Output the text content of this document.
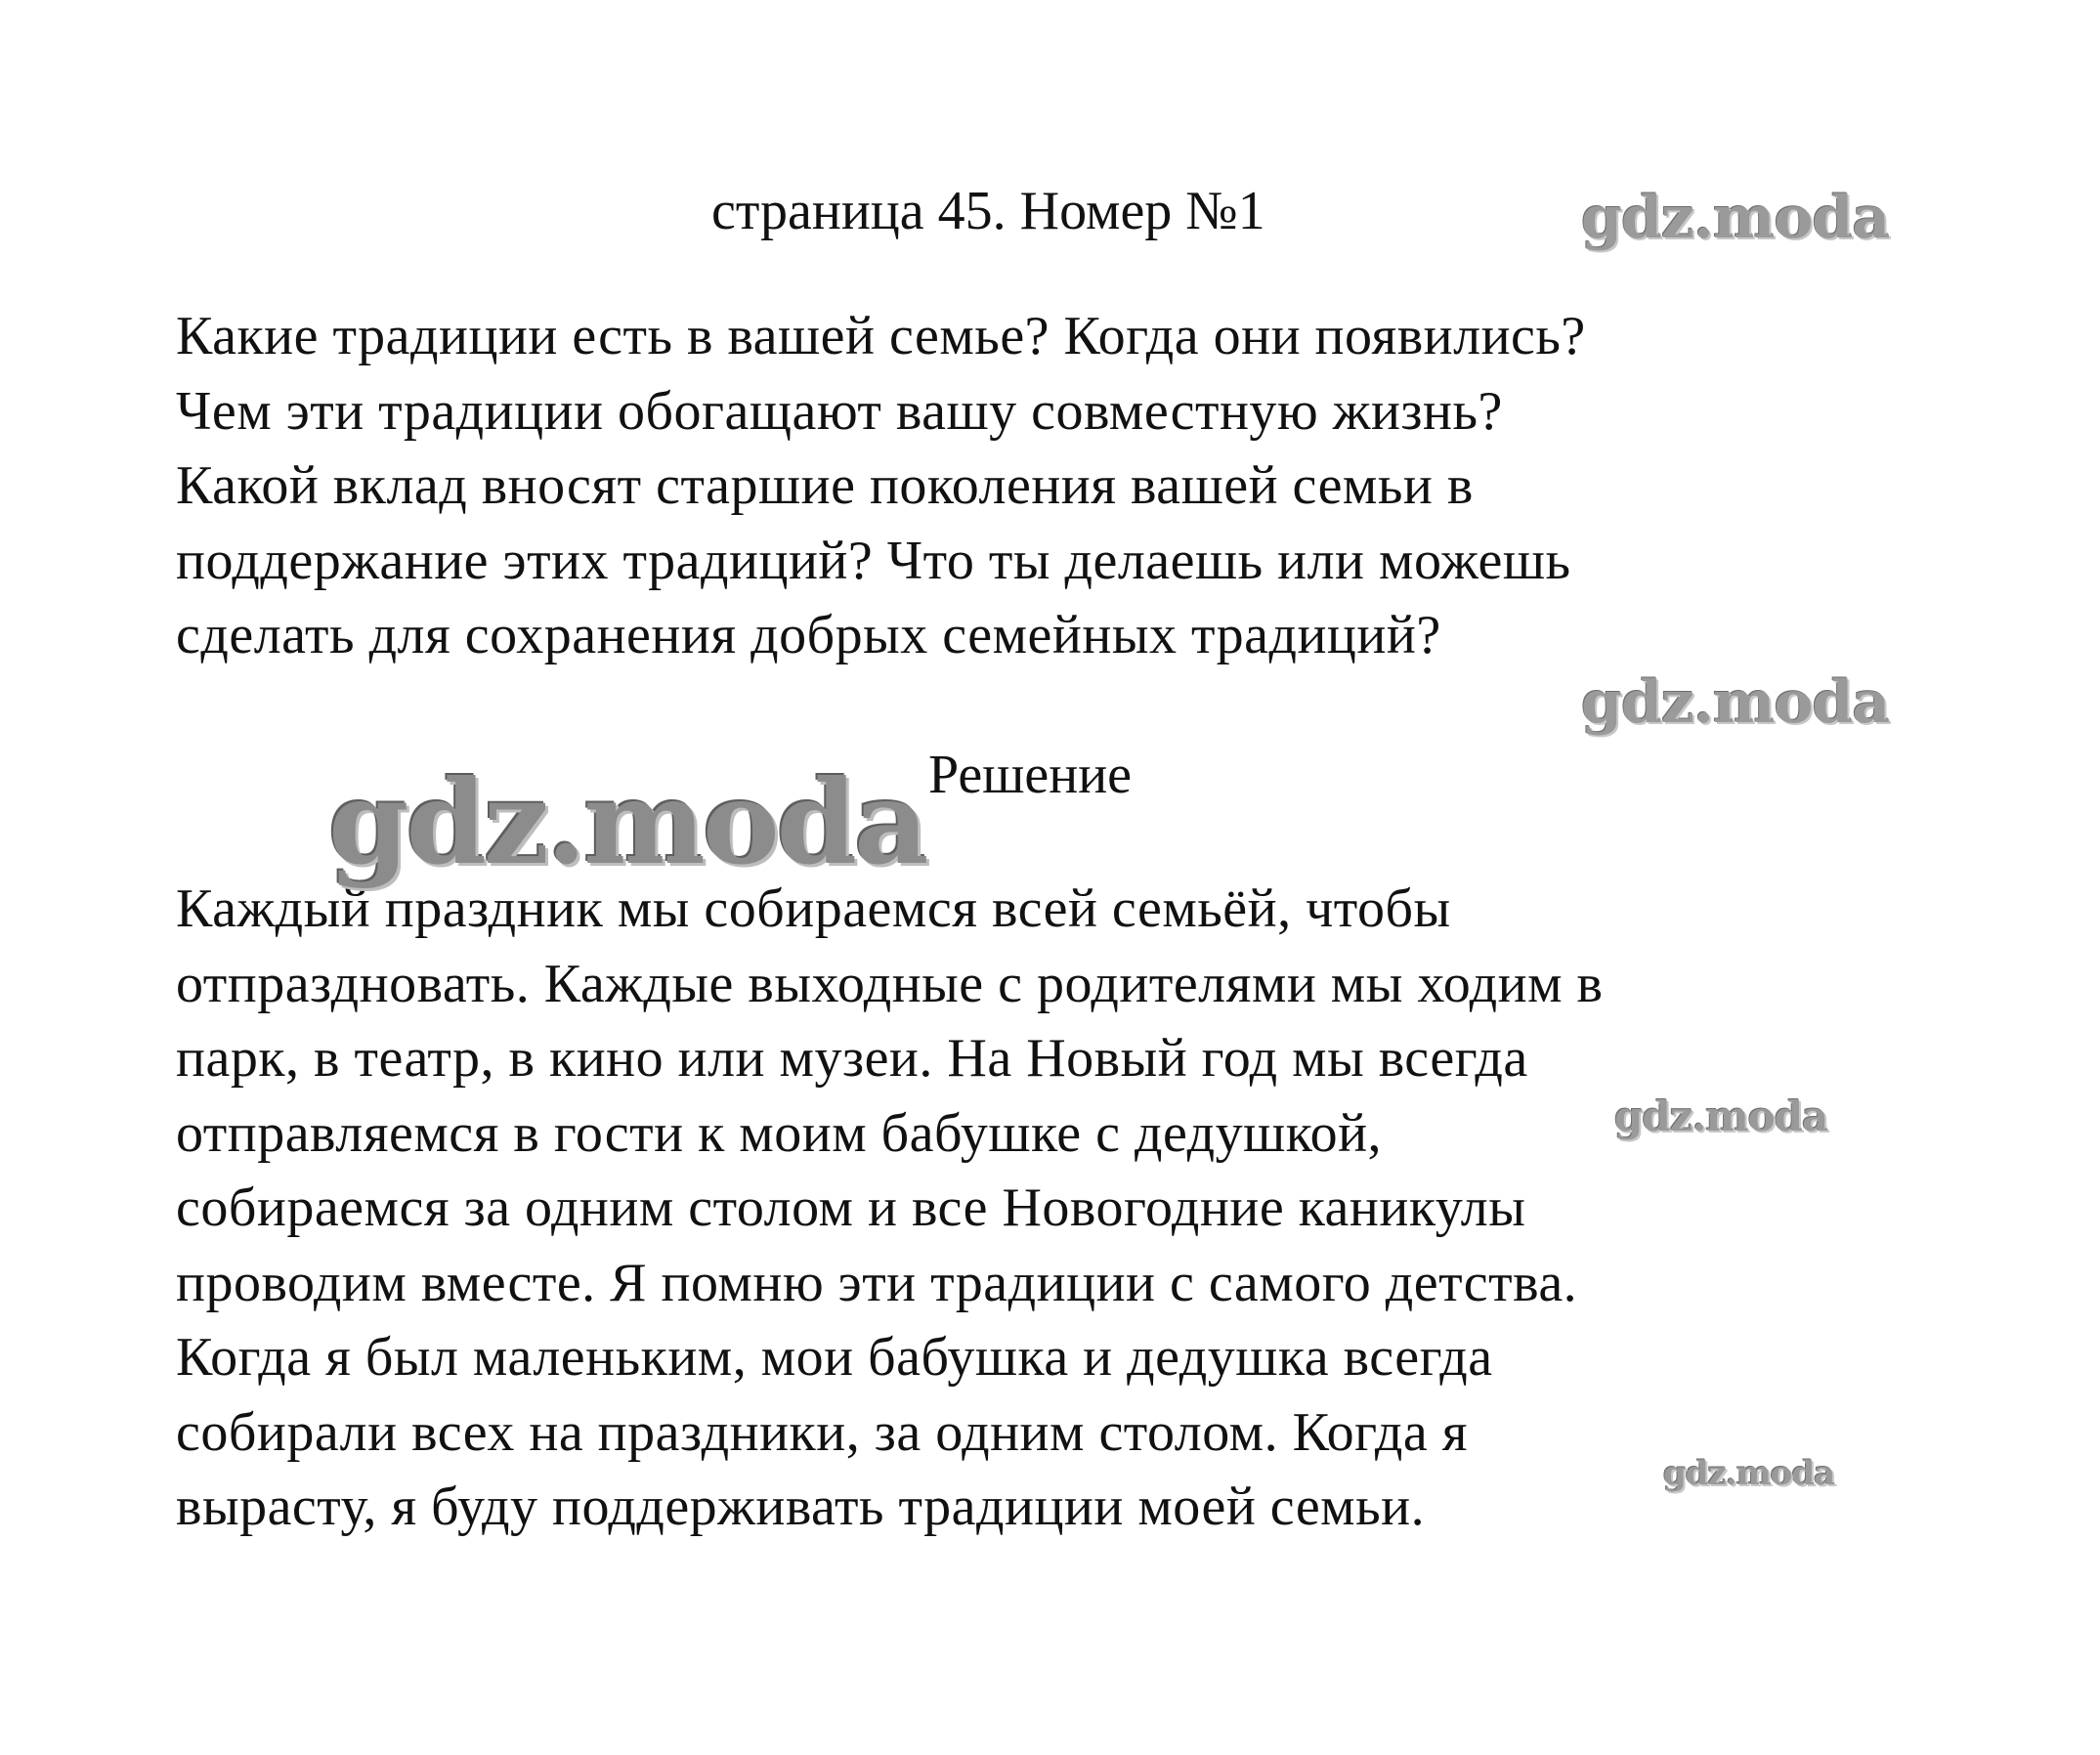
страница 45. Номер №1
Какие традиции есть в вашей семье? Когда они появились?
Чем эти традиции обогащают вашу совместную жизнь?
Какой вклад вносят старшие поколения вашей семьи в
поддержание этих традиций? Что ты делаешь или можешь
сделать для сохранения добрых семейных традиций?
Решение
Каждый праздник мы собираемся всей семьёй, чтобы
отпраздновать. Каждые выходные с родителями мы ходим в
парк, в театр, в кино или музеи. На Новый год мы всегда
отправляемся в гости к моим бабушке с дедушкой,
собираемся за одним столом и все Новогодние каникулы
проводим вместе. Я помню эти традиции с самого детства.
Когда я был маленьким, мои бабушка и дедушка всегда
собирали всех на праздники, за одним столом. Когда я
вырасту, я буду поддерживать традиции моей семьи.
gdz.moda
gdz.moda
gdz.moda
gdz.moda
gdz.moda
